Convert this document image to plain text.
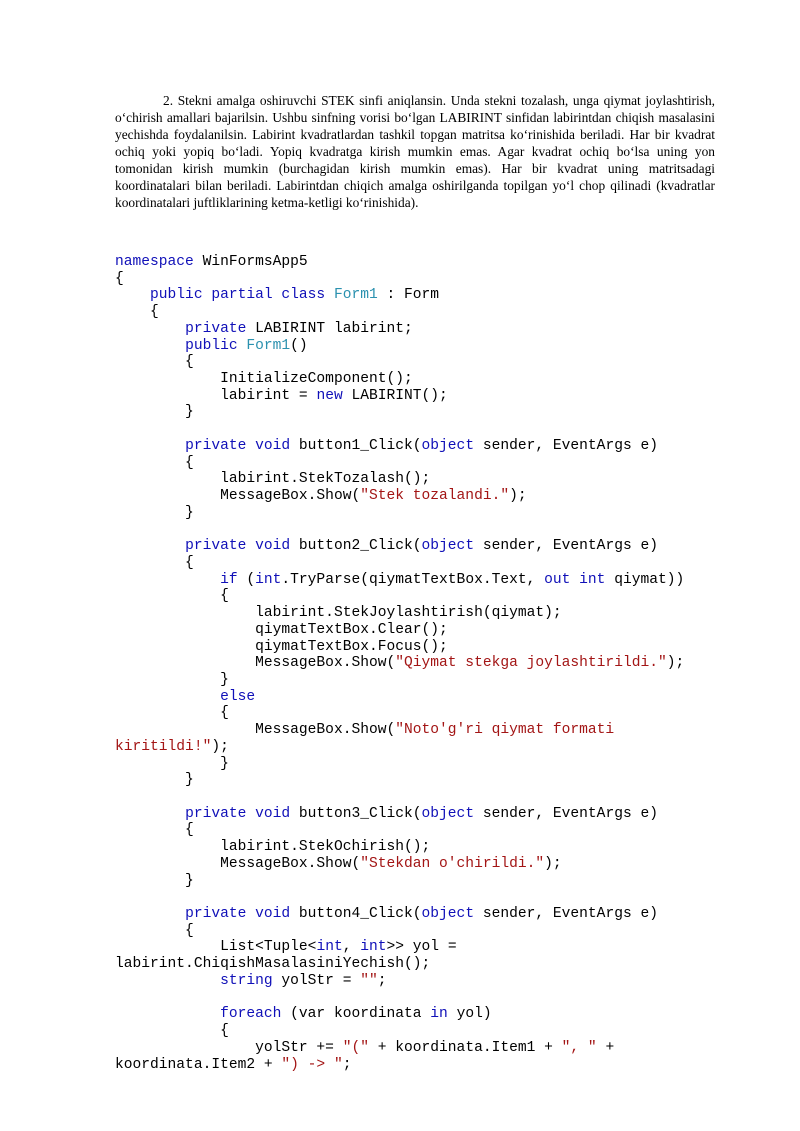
2. Stekni amalga oshiruvchi STEK sinfi aniqlansin. Unda stekni tozalash, unga qiymat joylashtirish, o‘chirish amallari bajarilsin. Ushbu sinfning vorisi bo‘lgan LABIRINT sinfidan labirintdan chiqish masalasini yechishda foydalanilsin. Labirint kvadratlardan tashkil topgan matritsa ko‘rinishida beriladi. Har bir kvadrat ochiq yoki yopiq bo‘ladi. Yopiq kvadratga kirish mumkin emas. Agar kvadrat ochiq bo‘lsa uning yon tomonidan kirish mumkin (burchagidan kirish mumkin emas). Har bir kvadrat uning matritsadagi koordinatalari bilan beriladi. Labirintdan chiqich amalga oshirilganda topilgan yo‘l chop qilinadi (kvadratlar koordinatalari juftliklarining ketma-ketligi ko‘rinishida).
namespace WinFormsApp5
{
public partial class Form1 : Form
{
private LABIRINT labirint;
public Form1()
{
InitializeComponent();
labirint = new LABIRINT();
}
private void button1_Click(object sender, EventArgs e)
{
labirint.StekTozalash();
MessageBox.Show("Stek tozalandi.");
}
private void button2_Click(object sender, EventArgs e)
{
if (int.TryParse(qiymatTextBox.Text, out int qiymat))
{
labirint.StekJoylashtirish(qiymat);
qiymatTextBox.Clear();
qiymatTextBox.Focus();
MessageBox.Show("Qiymat stekga joylashtirildi.");
}
else
{
MessageBox.Show("Noto'g'ri qiymat formati
kiritildi!");
}
}
private void button3_Click(object sender, EventArgs e)
{
labirint.StekOchirish();
MessageBox.Show("Stekdan o'chirildi.");
}
private void button4_Click(object sender, EventArgs e)
{
List<Tuple<int, int>> yol =
labirint.ChiqishMasalasiniYechish();
string yolStr = "";
foreach (var koordinata in yol)
{
yolStr += "(" + koordinata.Item1 + ", " +
koordinata.Item2 + ") -> ";
